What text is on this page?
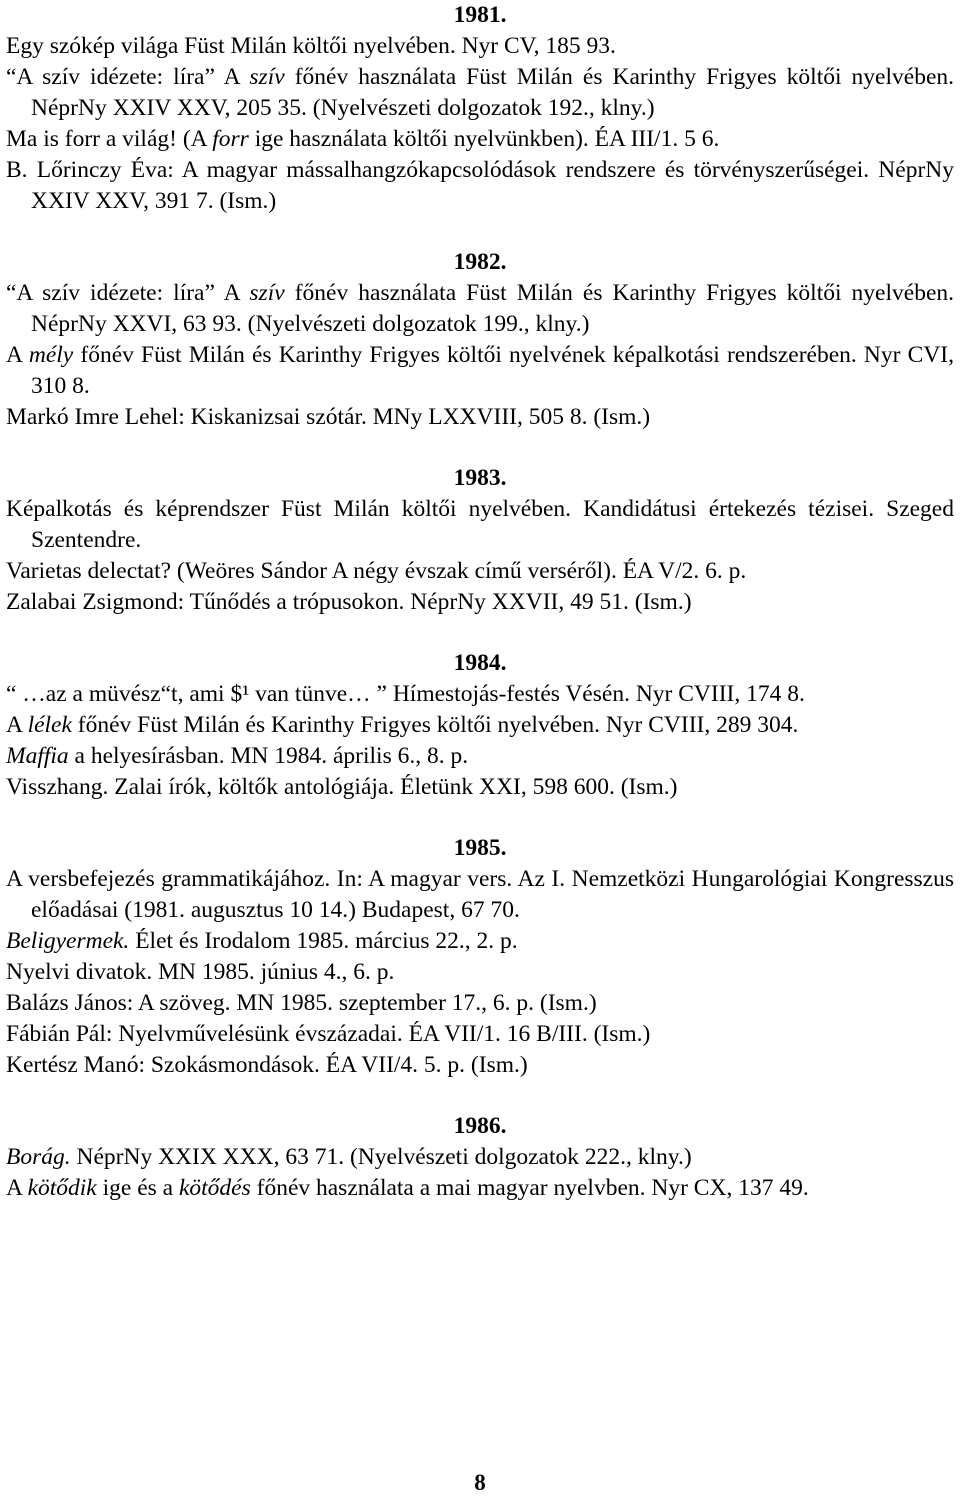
1981.
Egy szókép világa Füst Milán költői nyelvében. Nyr CV, 185 93.
“A szív idézete: líra” A szív főnév használata Füst Milán és Karinthy Frigyes költői nyelvében. NéprNy XXIV XXV, 205 35. (Nyelvészeti dolgozatok 192., klny.)
Ma is forr a világ! (A forr ige használata költői nyelvünkben). ÉA III/1. 5 6.
B. Lőrinczy Éva: A magyar mássalhangzókapcsolódások rendszere és törvényszerűségei. NéprNy XXIV XXV, 391 7. (Ism.)
1982.
“A szív idézete: líra” A szív főnév használata Füst Milán és Karinthy Frigyes költői nyelvében. NéprNy XXVI, 63 93. (Nyelvészeti dolgozatok 199., klny.)
A mély főnév Füst Milán és Karinthy Frigyes költői nyelvének képalkotási rendszerében. Nyr CVI, 310 8.
Markó Imre Lehel: Kiskanizsai szótár. MNy LXXVIII, 505 8. (Ism.)
1983.
Képalkotás és képrendszer Füst Milán költői nyelvében. Kandidátusi értekezés tézisei. Szeged Szentendre.
Varietas delectat? (Weöres Sándor A négy évszak című verséről). ÉA V/2. 6. p.
Zalabai Zsigmond: Tűnődés a trópusokon. NéprNy XXVII, 49 51. (Ism.)
1984.
“ …az a müvész“t, ami $¹ van tünve… ” Hímestojás-festés Vésén. Nyr CVIII, 174 8.
A lélek főnév Füst Milán és Karinthy Frigyes költői nyelvében. Nyr CVIII, 289 304.
Maffia a helyesírásban. MN 1984. április 6., 8. p.
Visszhang. Zalai írók, költők antológiája. Életünk XXI, 598 600. (Ism.)
1985.
A versbefejezés grammatikájához. In: A magyar vers. Az I. Nemzetközi Hungarológiai Kongresszus előadásai (1981. augusztus 10 14.) Budapest, 67 70.
Beligyermek. Élet és Irodalom 1985. március 22., 2. p.
Nyelvi divatok. MN 1985. június 4., 6. p.
Balázs János: A szöveg. MN 1985. szeptember 17., 6. p. (Ism.)
Fábián Pál: Nyelvművelésünk évszázadai. ÉA VII/1. 16 B/III. (Ism.)
Kertész Manó: Szokásmondások. ÉA VII/4. 5. p. (Ism.)
1986.
Borág. NéprNy XXIX XXX, 63 71. (Nyelvészeti dolgozatok 222., klny.)
A kötődik ige és a kötődés főnév használata a mai magyar nyelvben. Nyr CX, 137 49.
8
